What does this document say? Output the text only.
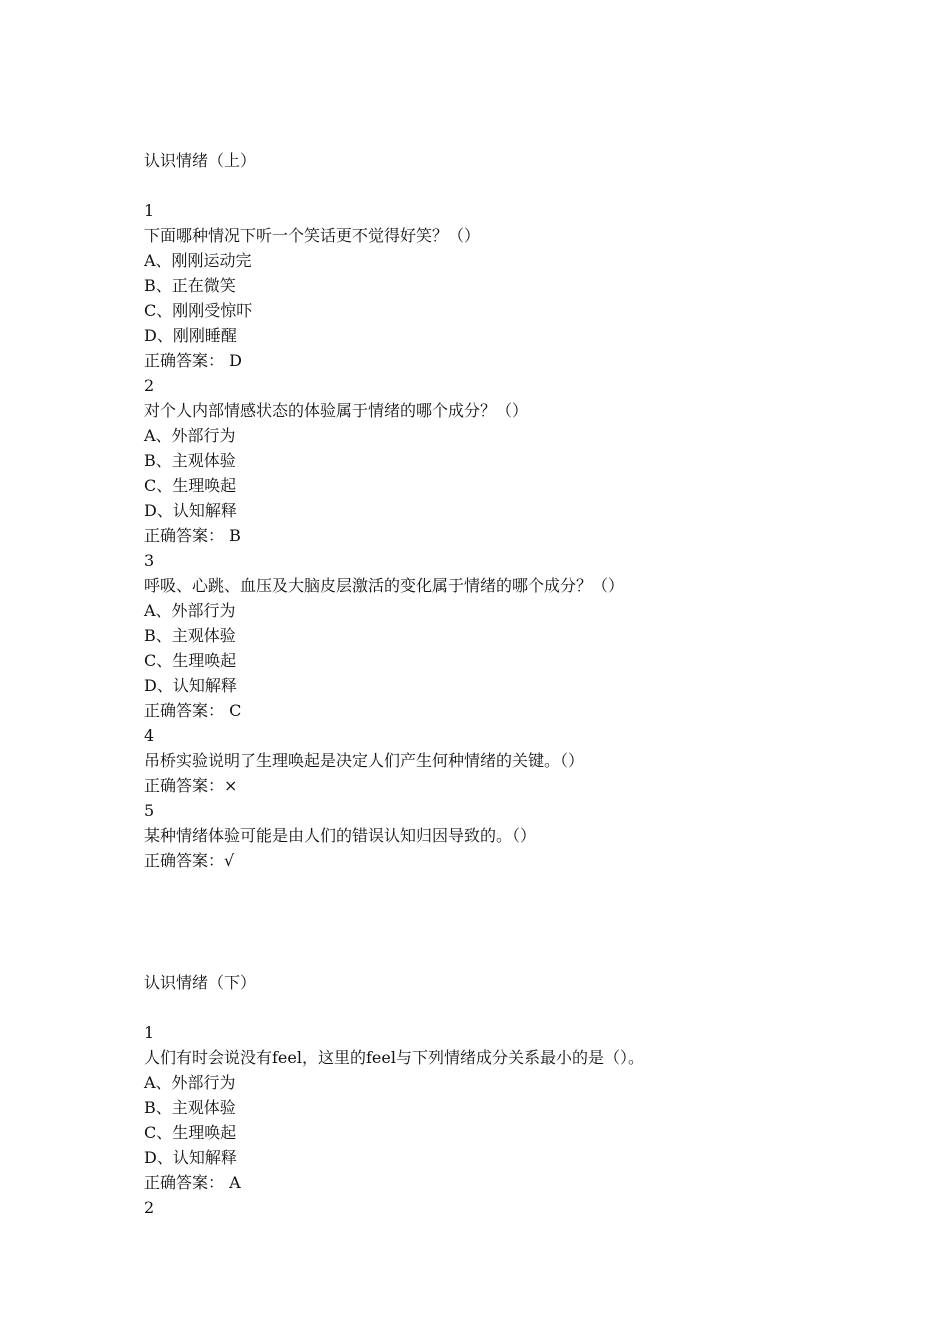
认识情绪（上）
1
下面哪种情况下听一个笑话更不觉得好笑？（）
A、刚刚运动完
B、正在微笑
C、刚刚受惊吓
D、刚刚睡醒
正确答案： D
2
对个人内部情感状态的体验属于情绪的哪个成分？（）
A、外部行为
B、主观体验
C、生理唤起
D、认知解释
正确答案： B
3
呼吸、心跳、血压及大脑皮层激活的变化属于情绪的哪个成分？（）
A、外部行为
B、主观体验
C、生理唤起
D、认知解释
正确答案： C
4
吊桥实验说明了生理唤起是决定人们产生何种情绪的关键。（）
正确答案：×
5
某种情绪体验可能是由人们的错误认知归因导致的。（）
正确答案：√
认识情绪（下）
1
人们有时会说没有feel，这里的feel与下列情绪成分关系最小的是（）。
A、外部行为
B、主观体验
C、生理唤起
D、认知解释
正确答案： A
2
